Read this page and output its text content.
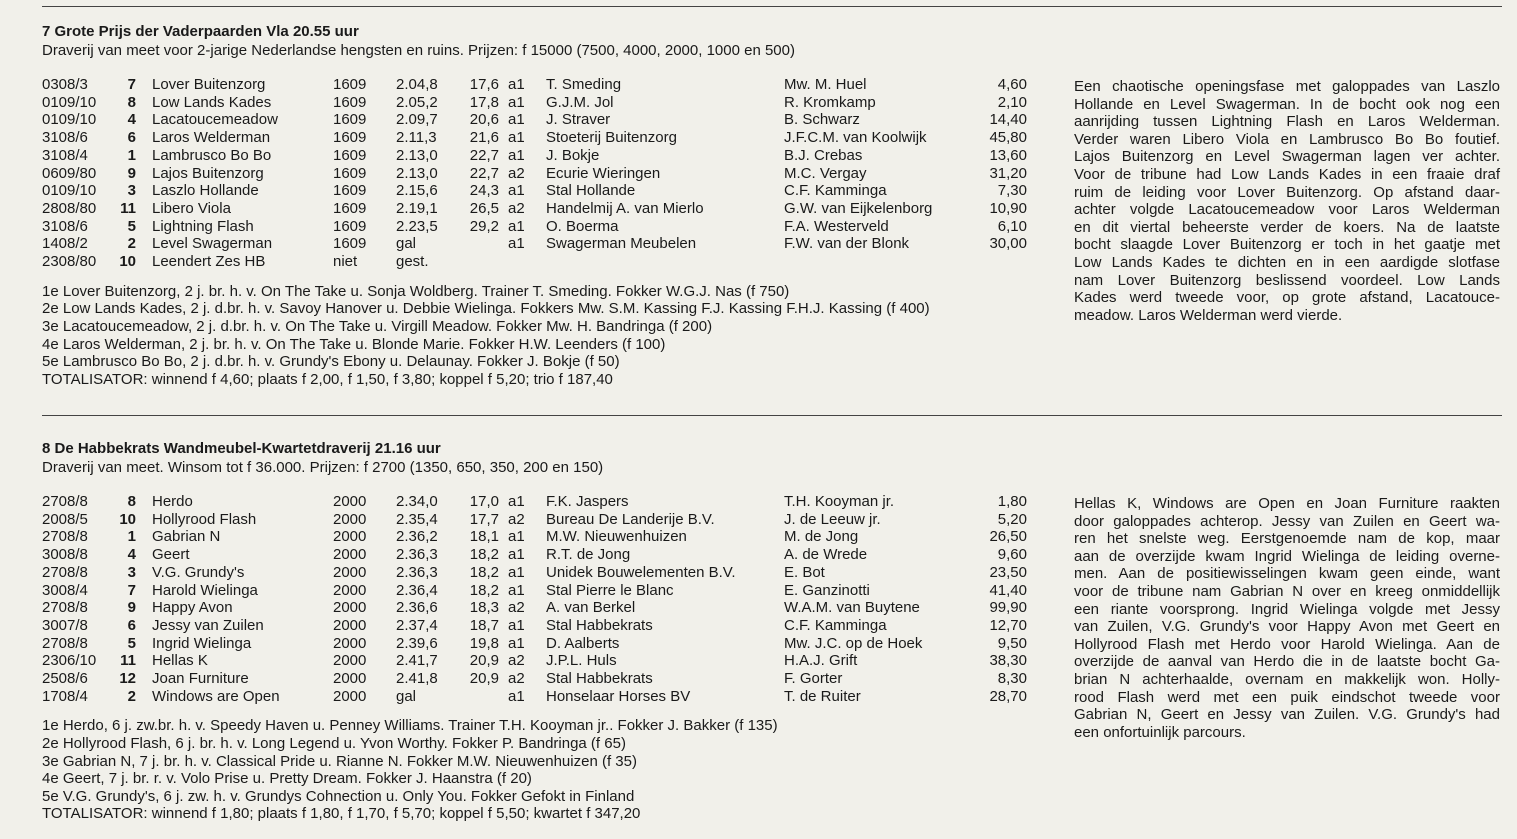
7 Grote Prijs der Vaderpaarden Vla 20.55 uur
Draverij van meet voor 2-jarige Nederlandse hengsten en ruins. Prijzen: f 15000 (7500, 4000, 2000, 1000 en 500)
0308/3	7 Lover Buitenzorg	1609 2.04,8 17,6 a1 T. Smeding	Mw. M. Huel	4,60
0109/10	8 Low Lands Kades	1609 2.05,2 17,8 a1 G.J.M. Jol	R. Kromkamp	2,10
0109/10	4 Lacatoucemeadow	1609 2.09,7 20,6 a1 J. Straver	B. Schwarz	14,40
3108/6	6 Laros Welderman	1609 2.11,3 21,6 a1 Stoeterij Buitenzorg	J.F.C.M. van Koolwijk	45,80
3108/4	1 Lambrusco Bo Bo	1609 2.13,0 22,7 a1 J. Bokje	B.J. Crebas	13,60
0609/80	9 Lajos Buitenzorg	1609 2.13,0 22,7 a2 Ecurie Wieringen	M.C. Vergay	31,20
0109/10	3 Laszlo Hollande	1609 2.15,6 24,3 a1 Stal Hollande	C.F. Kamminga	7,30
2808/80	11 Libero Viola	1609 2.19,1 26,5 a2 Handelmij A. van Mierlo	G.W. van Eijkelenborg	10,90
3108/6	5 Lightning Flash	1609 2.23,5 29,2 a1 O. Boerma	F.A. Westerveld	6,10
1408/2	2 Level Swagerman	1609 gal	a1 Swagerman Meubelen	F.W. van der Blonk	30,00
2308/80	10 Leendert Zes HB	niet	gest.
1e Lover Buitenzorg, 2 j. br. h. v. On The Take u. Sonja Woldberg. Trainer T. Smeding. Fokker W.G.J. Nas (f 750)
2e Low Lands Kades, 2 j. d.br. h. v. Savoy Hanover u. Debbie Wielinga. Fokkers Mw. S.M. Kassing F.J. Kassing F.H.J. Kassing (f 400)
3e Lacatoucemeadow, 2 j. d.br. h. v. On The Take u. Virgill Meadow. Fokker Mw. H. Bandringa (f 200)
4e Laros Welderman, 2 j. br. h. v. On The Take u. Blonde Marie. Fokker H.W. Leenders (f 100)
5e Lambrusco Bo Bo, 2 j. d.br. h. v. Grundy's Ebony u. Delaunay. Fokker J. Bokje (f 50)
TOTALISATOR: winnend f 4,60; plaats f 2,00, f 1,50, f 3,80; koppel f 5,20; trio f 187,40
Een chaotische openingsfase met galoppades van Laszlo
Hollande en Level Swagerman. In de bocht ook nog een
aanrijding tussen Lightning Flash en Laros Welderman.
Verder waren Libero Viola en Lambrusco Bo Bo foutief.
Lajos Buitenzorg en Level Swagerman lagen ver achter.
Voor de tribune had Low Lands Kades in een fraaie draf
ruim de leiding voor Lover Buitenzorg. Op afstand daar-
achter volgde Lacatoucemeadow voor Laros Welderman
en dit viertal beheerste verder de koers. Na de laatste
bocht slaagde Lover Buitenzorg er toch in het gaatje met
Low Lands Kades te dichten en in een aardigde slotfase
nam Lover Buitenzorg beslissend voordeel. Low Lands
Kades werd tweede voor, op grote afstand, Lacatouce-
meadow. Laros Welderman werd vierde.
8 De Habbekrats Wandmeubel-Kwartetdraverij 21.16 uur
Draverij van meet. Winsom tot f 36.000. Prijzen: f 2700 (1350, 650, 350, 200 en 150)
2708/8	8 Herdo	2000 2.34,0 17,0 a1 F.K. Jaspers	T.H. Kooyman jr.	1,80
2008/5	10 Hollyrood Flash	2000 2.35,4 17,7 a2 Bureau De Landerije B.V.	J. de Leeuw jr.	5,20
2708/8	1 Gabrian N	2000 2.36,2 18,1 a1 M.W. Nieuwenhuizen	M. de Jong	26,50
3008/8	4 Geert	2000 2.36,3 18,2 a1 R.T. de Jong	A. de Wrede	9,60
2708/8	3 V.G. Grundy's	2000 2.36,3 18,2 a1 Unidek Bouwelementen B.V.	E. Bot	23,50
3008/4	7 Harold Wielinga	2000 2.36,4 18,2 a1 Stal Pierre le Blanc	E. Ganzinotti	41,40
2708/8	9 Happy Avon	2000 2.36,6 18,3 a2 A. van Berkel	W.A.M. van Buytene	99,90
3007/8	6 Jessy van Zuilen	2000 2.37,4 18,7 a1 Stal Habbekrats	C.F. Kamminga	12,70
2708/8	5 Ingrid Wielinga	2000 2.39,6 19,8 a1 D. Aalberts	Mw. J.C. op de Hoek	9,50
2306/10	11 Hellas K	2000 2.41,7 20,9 a2 J.P.L. Huls	H.A.J. Grift	38,30
2508/6	12 Joan Furniture	2000 2.41,8 20,9 a2 Stal Habbekrats	F. Gorter	8,30
1708/4	2 Windows are Open	2000 gal	a1 Honselaar Horses BV	T. de Ruiter	28,70
1e Herdo, 6 j. zw.br. h. v. Speedy Haven u. Penney Williams. Trainer T.H. Kooyman jr.. Fokker J. Bakker (f 135)
2e Hollyrood Flash, 6 j. br. h. v. Long Legend u. Yvon Worthy. Fokker P. Bandringa (f 65)
3e Gabrian N, 7 j. br. h. v. Classical Pride u. Rianne N. Fokker M.W. Nieuwenhuizen (f 35)
4e Geert, 7 j. br. r. v. Volo Prise u. Pretty Dream. Fokker J. Haanstra (f 20)
5e V.G. Grundy's, 6 j. zw. h. v. Grundys Cohnection u. Only You. Fokker Gefokt in Finland
TOTALISATOR: winnend f 1,80; plaats f 1,80, f 1,70, f 5,70; koppel f 5,50; kwartet f 347,20
Hellas K, Windows are Open en Joan Furniture raakten
door galoppades achterop. Jessy van Zuilen en Geert wa-
ren het snelste weg. Eerstgenoemde nam de kop, maar
aan de overzijde kwam Ingrid Wielinga de leiding overne-
men. Aan de positiewisselingen kwam geen einde, want
voor de tribune nam Gabrian N over en kreeg onmiddellijk
een riante voorsprong. Ingrid Wielinga volgde met Jessy
van Zuilen, V.G. Grundy's voor Happy Avon met Geert en
Hollyrood Flash met Herdo voor Harold Wielinga. Aan de
overzijde de aanval van Herdo die in de laatste bocht Ga-
brian N achterhaalde, overnam en makkelijk won. Holly-
rood Flash werd met een puik eindschot tweede voor
Gabrian N, Geert en Jessy van Zuilen. V.G. Grundy's had
een onfortuinlijk parcours.
